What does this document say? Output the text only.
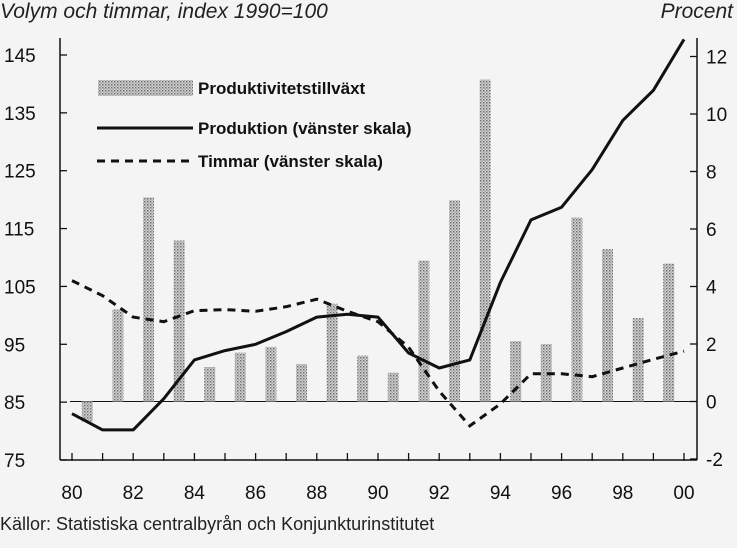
Volym och timmar, index 1990=100	Procent
145
135
125
115
105
95
85
75
12
10
8
6
4
2
0
-2
80 82 84 86 88 90 92 94 96 98 00
Produktivitetstillväxt
Produktion (vänster skala)
Timmar (vänster skala)
Källor: Statistiska centralbyrån och Konjunkturinstitutet
